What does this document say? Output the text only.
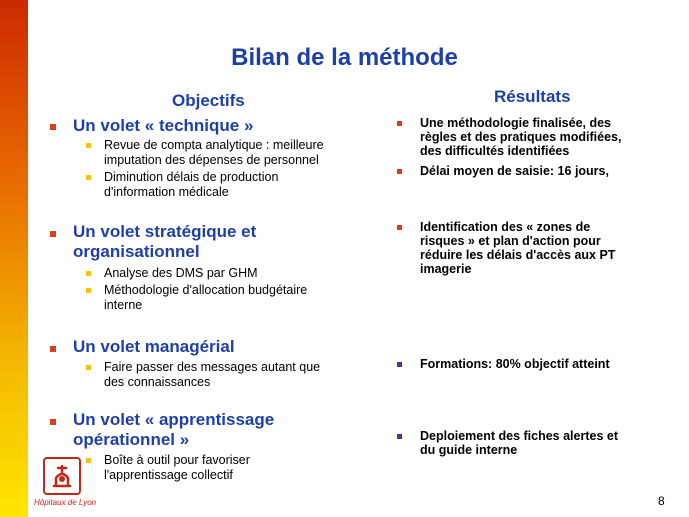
Bilan de la méthode
Objectifs	Résultats
Un volet « technique »
Revue de compta analytique : meilleure
imputation des dépenses de personnel
Diminution délais de production
d'information médicale
Un volet stratégique et
organisationnel
Analyse des DMS par GHM
Méthodologie d'allocation budgétaire
interne
Un volet managérial
Faire passer des messages autant que
des connaissances
Un volet « apprentissage
opérationnel »
Boîte à outil pour favoriser
l'apprentissage collectif
Une méthodologie finalisée, des
règles et des pratiques modifiées,
des difficultés identifiées
Délai moyen de saisie: 16 jours,
Identification des « zones de
risques » et plan d'action pour
réduire les délais d'accès aux PT
imagerie
Formations: 80% objectif atteint
Deploiement des fiches alertes et
du guide interne
Hôpitaux de Lyon	8
